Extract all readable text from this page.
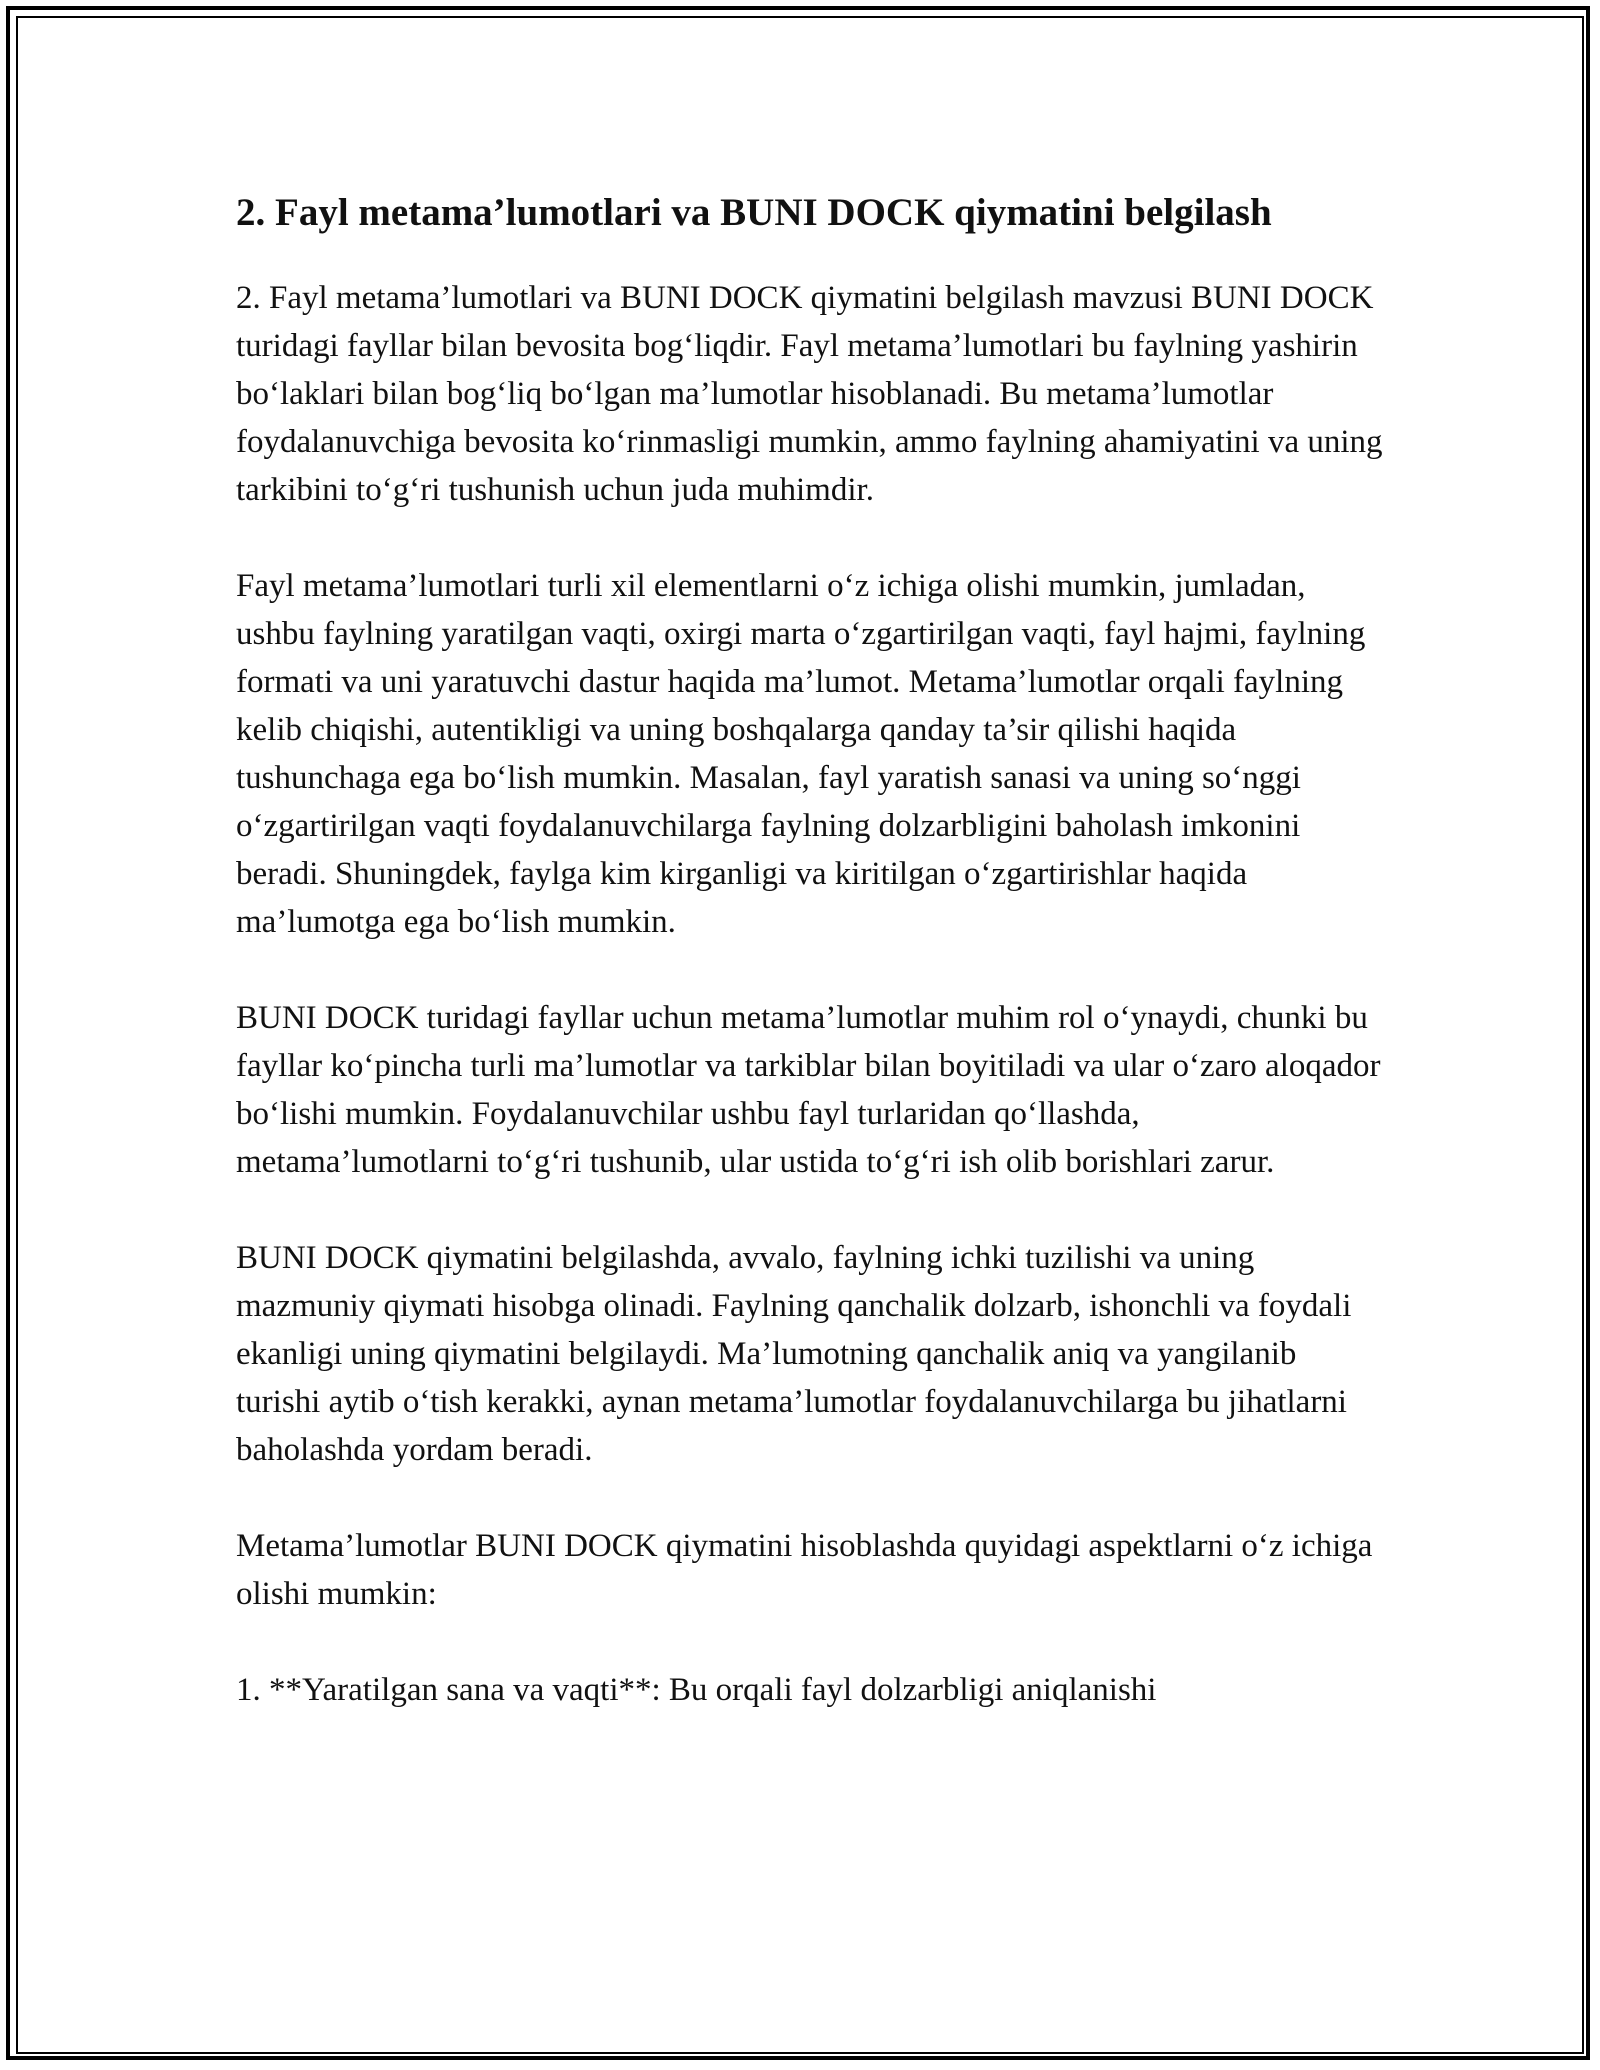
2. Fayl metama’lumotlari va BUNI DOCK qiymatini belgilash

2. Fayl metama’lumotlari va BUNI DOCK qiymatini belgilash mavzusi BUNI DOCK turidagi fayllar bilan bevosita bog‘liqdir. Fayl metama’lumotlari bu faylning yashirin bo‘laklari bilan bog‘liq bo‘lgan ma’lumotlar hisoblanadi. Bu metama’lumotlar foydalanuvchiga bevosita ko‘rinmasligi mumkin, ammo faylning ahamiyatini va uning tarkibini to‘g‘ri tushunish uchun juda muhimdir.

Fayl metama’lumotlari turli xil elementlarni o‘z ichiga olishi mumkin, jumladan, ushbu faylning yaratilgan vaqti, oxirgi marta o‘zgartirilgan vaqti, fayl hajmi, faylning formati va uni yaratuvchi dastur haqida ma’lumot. Metama’lumotlar orqali faylning kelib chiqishi, autentikligi va uning boshqalarga qanday ta’sir qilishi haqida tushunchaga ega bo‘lish mumkin. Masalan, fayl yaratish sanasi va uning so‘nggi o‘zgartirilgan vaqti foydalanuvchilarga faylning dolzarbligini baholash imkonini beradi. Shuningdek, faylga kim kirganligi va kiritilgan o‘zgartirishlar haqida ma’lumotga ega bo‘lish mumkin.

BUNI DOCK turidagi fayllar uchun metama’lumotlar muhim rol o‘ynaydi, chunki bu fayllar ko‘pincha turli ma’lumotlar va tarkiblar bilan boyitiladi va ular o‘zaro aloqador bo‘lishi mumkin. Foydalanuvchilar ushbu fayl turlaridan qo‘llashda, metama’lumotlarni to‘g‘ri tushunib, ular ustida to‘g‘ri ish olib borishlari zarur.

BUNI DOCK qiymatini belgilashda, avvalo, faylning ichki tuzilishi va uning mazmuniy qiymati hisobga olinadi. Faylning qanchalik dolzarb, ishonchli va foydali ekanligi uning qiymatini belgilaydi. Ma’lumotning qanchalik aniq va yangilanib turishi aytib o‘tish kerakki, aynan metama’lumotlar foydalanuvchilarga bu jihatlarni baholashda yordam beradi.

Metama’lumotlar BUNI DOCK qiymatini hisoblashda quyidagi aspektlarni o‘z ichiga olishi mumkin:

1. **Yaratilgan sana va vaqti**: Bu orqali fayl dolzarbligi aniqlanishi
